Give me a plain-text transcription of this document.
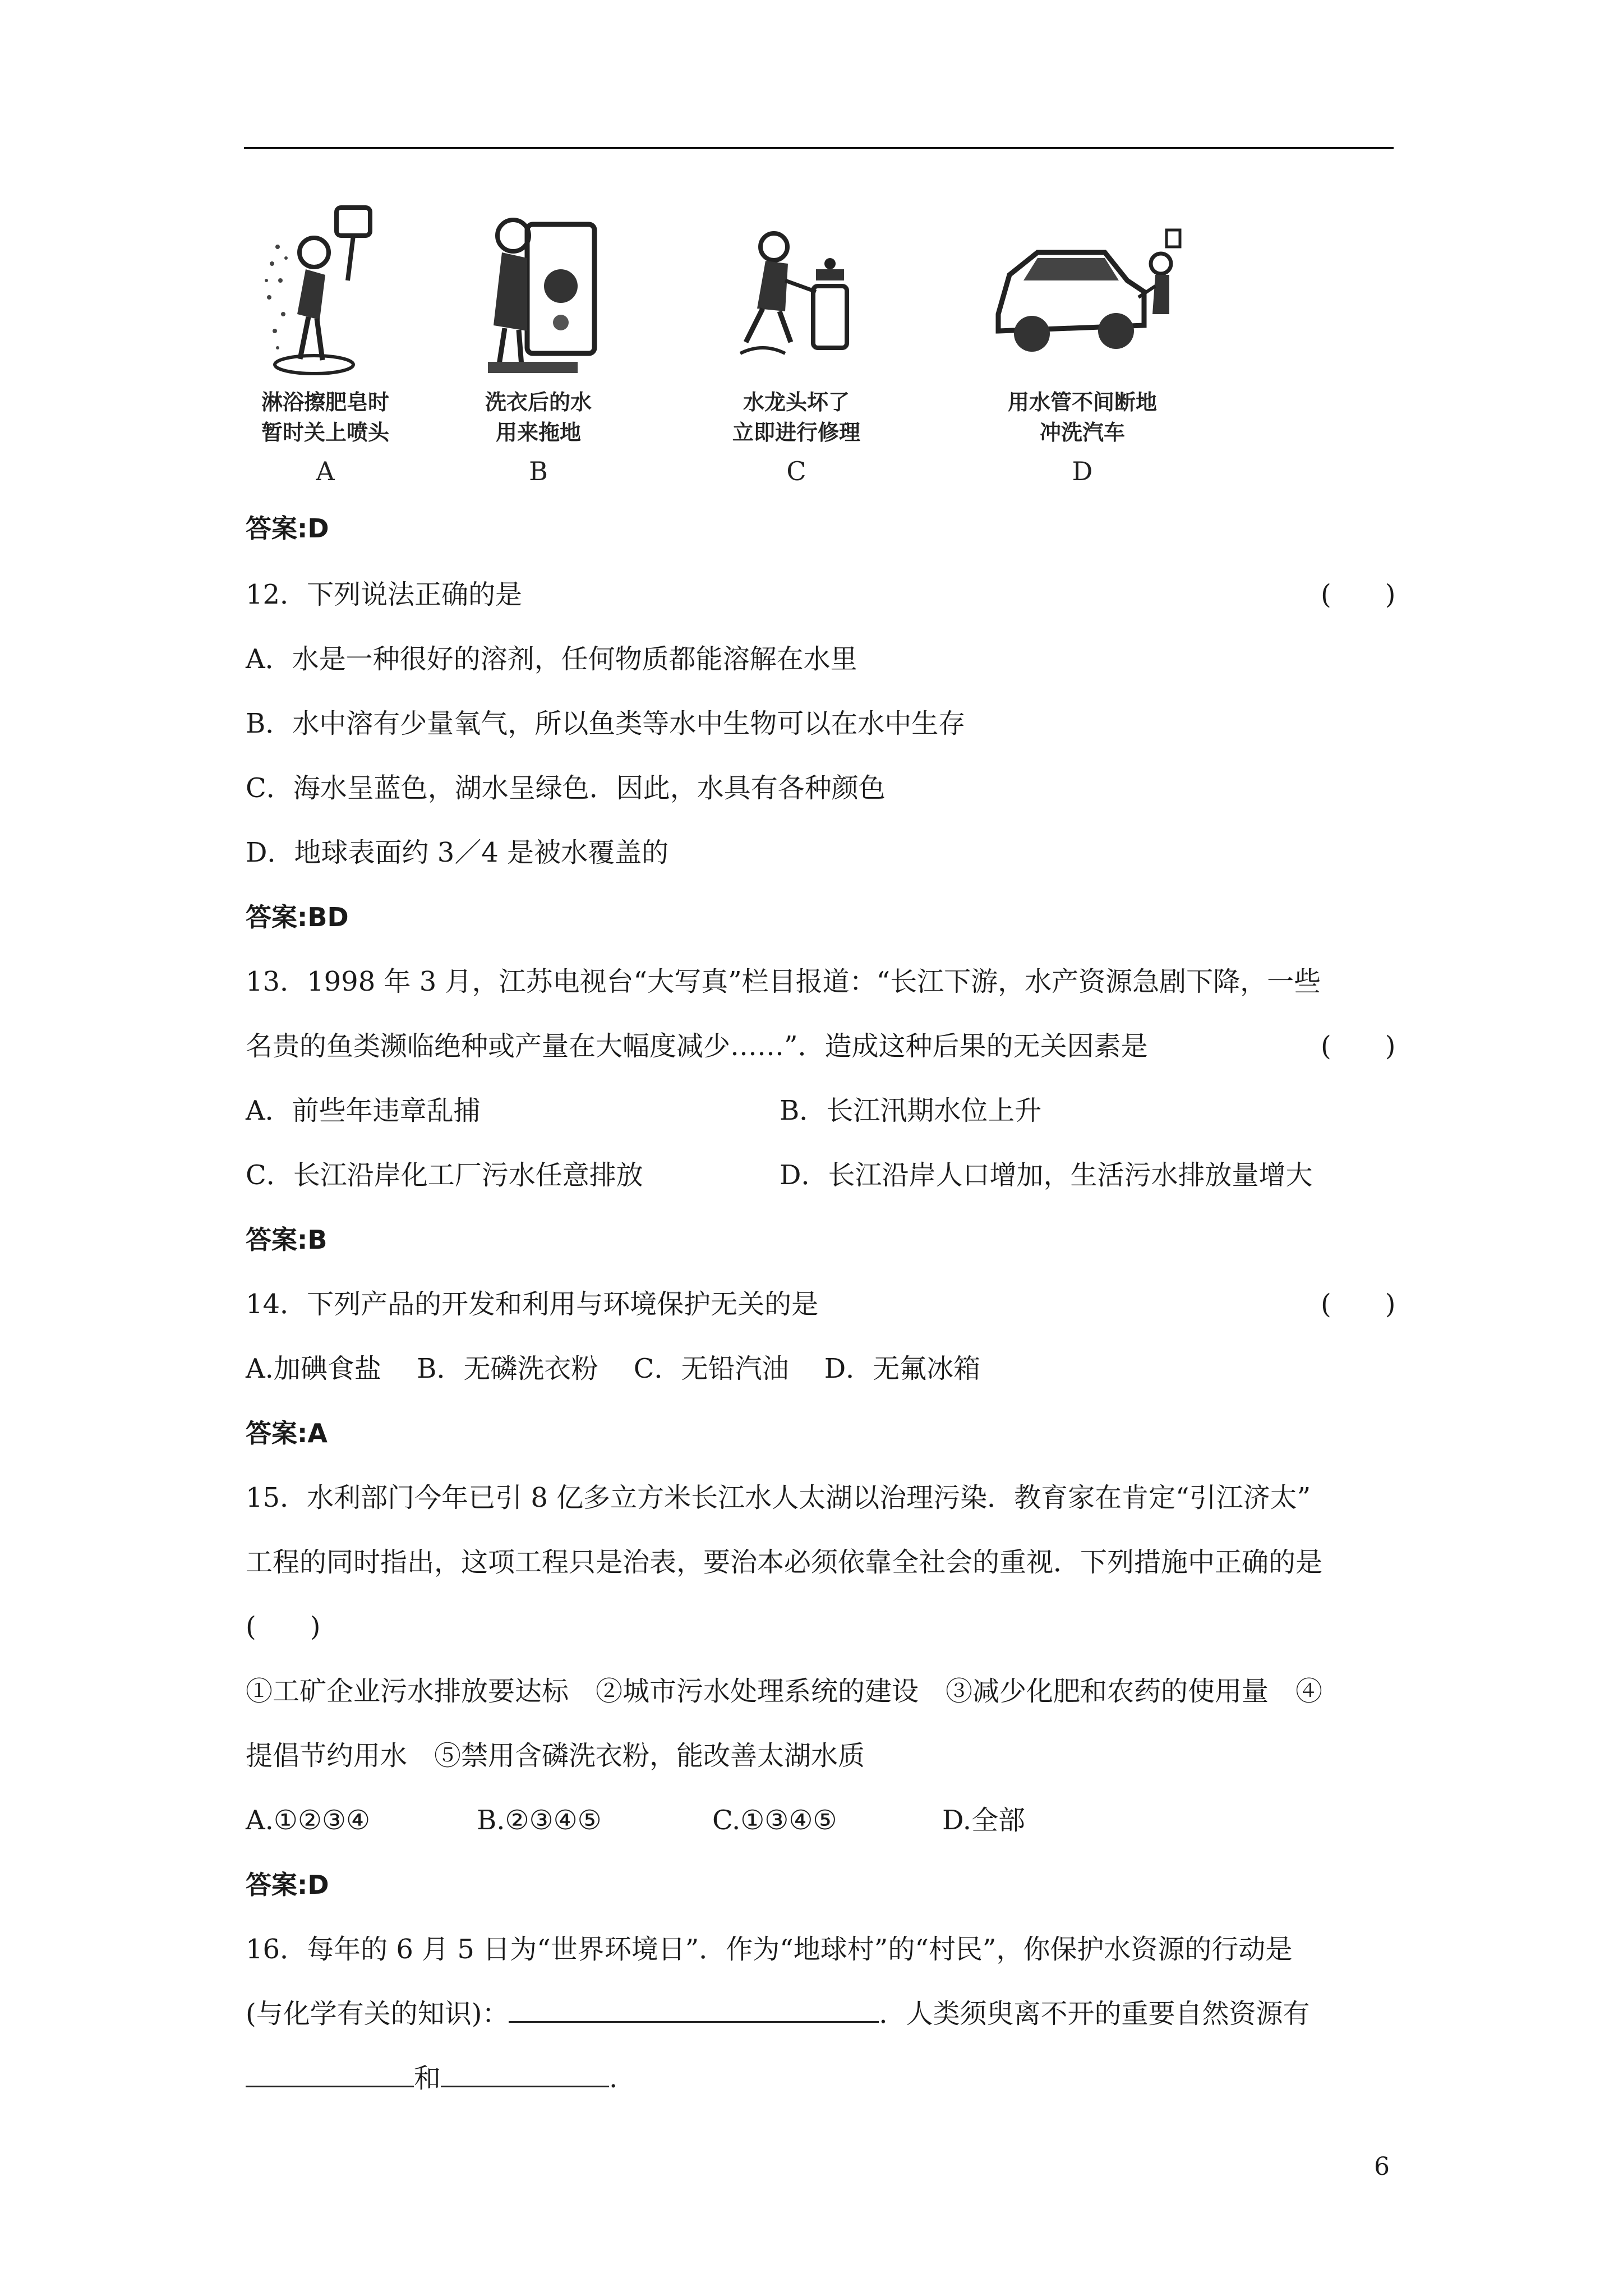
淋浴擦肥皂时
暂时关上喷头
A
洗衣后的水
用来拖地
B
水龙头坏了
立即进行修理
C
用水管不间断地
冲洗汽车
D
答案:D
12．下列说法正确的是	(　　)
A．水是一种很好的溶剂，任何物质都能溶解在水里
B．水中溶有少量氧气，所以鱼类等水中生物可以在水中生存
C．海水呈蓝色，湖水呈绿色．因此，水具有各种颜色
D．地球表面约 3／4 是被水覆盖的
答案:BD
13．1998 年 3 月，江苏电视台“大写真”栏目报道：“长江下游，水产资源急剧下降，一些
名贵的鱼类濒临绝种或产量在大幅度减少……”．造成这种后果的无关因素是	(　　)
A．前些年违章乱捕	B．长江汛期水位上升
C．长江沿岸化工厂污水任意排放	D．长江沿岸人口增加，生活污水排放量增大
答案:B
14．下列产品的开发和利用与环境保护无关的是	(　　)
A.加碘食盐　 B．无磷洗衣粉　 C．无铅汽油　 D．无氟冰箱
答案:A
15．水利部门今年已引 8 亿多立方米长江水人太湖以治理污染．教育家在肯定“引江济太”
工程的同时指出，这项工程只是治表，要治本必须依靠全社会的重视．下列措施中正确的是
(　　)
①工矿企业污水排放要达标　②城市污水处理系统的建设　③减少化肥和农药的使用量　④
提倡节约用水　⑤禁用含磷洗衣粉，能改善太湖水质
A.①②③④	B.②③④⑤	C.①③④⑤	D.全部
答案:D
16．每年的 6 月 5 日为“世界环境日”．作为“地球村”的“村民”，你保护水资源的行动是
(与化学有关的知识)：	．人类须臾离不开的重要自然资源有
和	.
6
